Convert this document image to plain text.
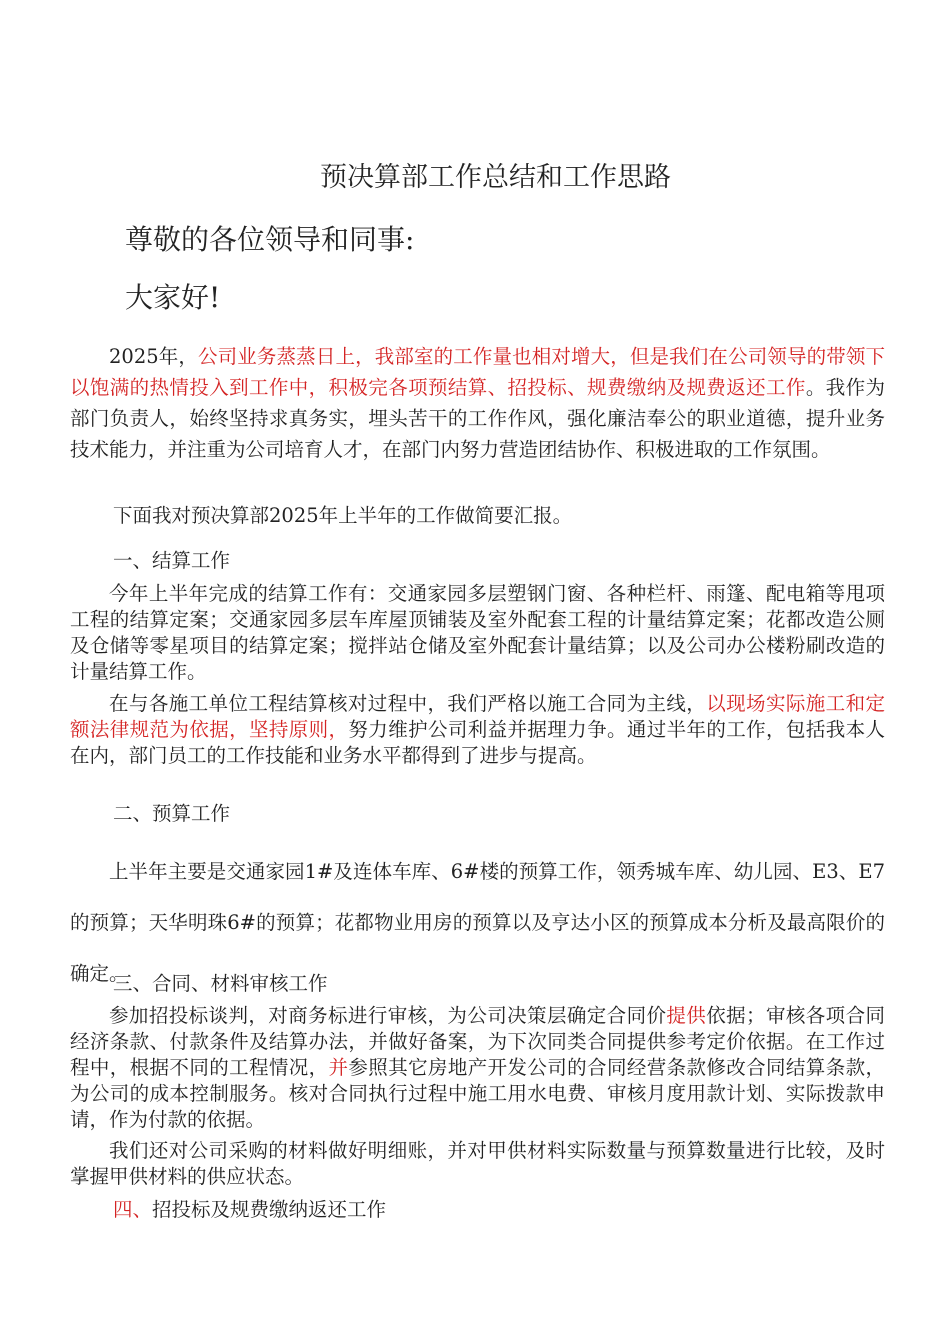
预决算部工作总结和工作思路
尊敬的各位领导和同事:
大家好!
2025年，公司业务蒸蒸日上，我部室的工作量也相对增大，但是我们在公司领导的带领下以饱满的热情投入到工作中，积极完各项预结算、招投标、规费缴纳及规费返还工作。我作为部门负责人，始终坚持求真务实，埋头苦干的工作作风，强化廉洁奉公的职业道德，提升业务技术能力，并注重为公司培育人才，在部门内努力营造团结协作、积极进取的工作氛围。
下面我对预决算部2025年上半年的工作做简要汇报。
一、结算工作
今年上半年完成的结算工作有：交通家园多层塑钢门窗、各种栏杆、雨篷、配电箱等甩项工程的结算定案；交通家园多层车库屋顶铺装及室外配套工程的计量结算定案；花都改造公厕及仓储等零星项目的结算定案；搅拌站仓储及室外配套计量结算；以及公司办公楼粉刷改造的计量结算工作。
在与各施工单位工程结算核对过程中，我们严格以施工合同为主线，以现场实际施工和定额法律规范为依据，坚持原则，努力维护公司利益并据理力争。通过半年的工作，包括我本人在内，部门员工的工作技能和业务水平都得到了进步与提高。
二、预算工作
上半年主要是交通家园1#及连体车库、6#楼的预算工作，领秀城车库、幼儿园、E3、E7的预算；天华明珠6#的预算；花都物业用房的预算以及亨达小区的预算成本分析及最高限价的确定。
三、合同、材料审核工作
参加招投标谈判，对商务标进行审核，为公司决策层确定合同价提供依据；审核各项合同经济条款、付款条件及结算办法，并做好备案，为下次同类合同提供参考定价依据。在工作过程中，根据不同的工程情况，并参照其它房地产开发公司的合同经营条款修改合同结算条款，为公司的成本控制服务。核对合同执行过程中施工用水电费、审核月度用款计划、实际拨款申请，作为付款的依据。
我们还对公司采购的材料做好明细账，并对甲供材料实际数量与预算数量进行比较，及时掌握甲供材料的供应状态。
四、招投标及规费缴纳返还工作
